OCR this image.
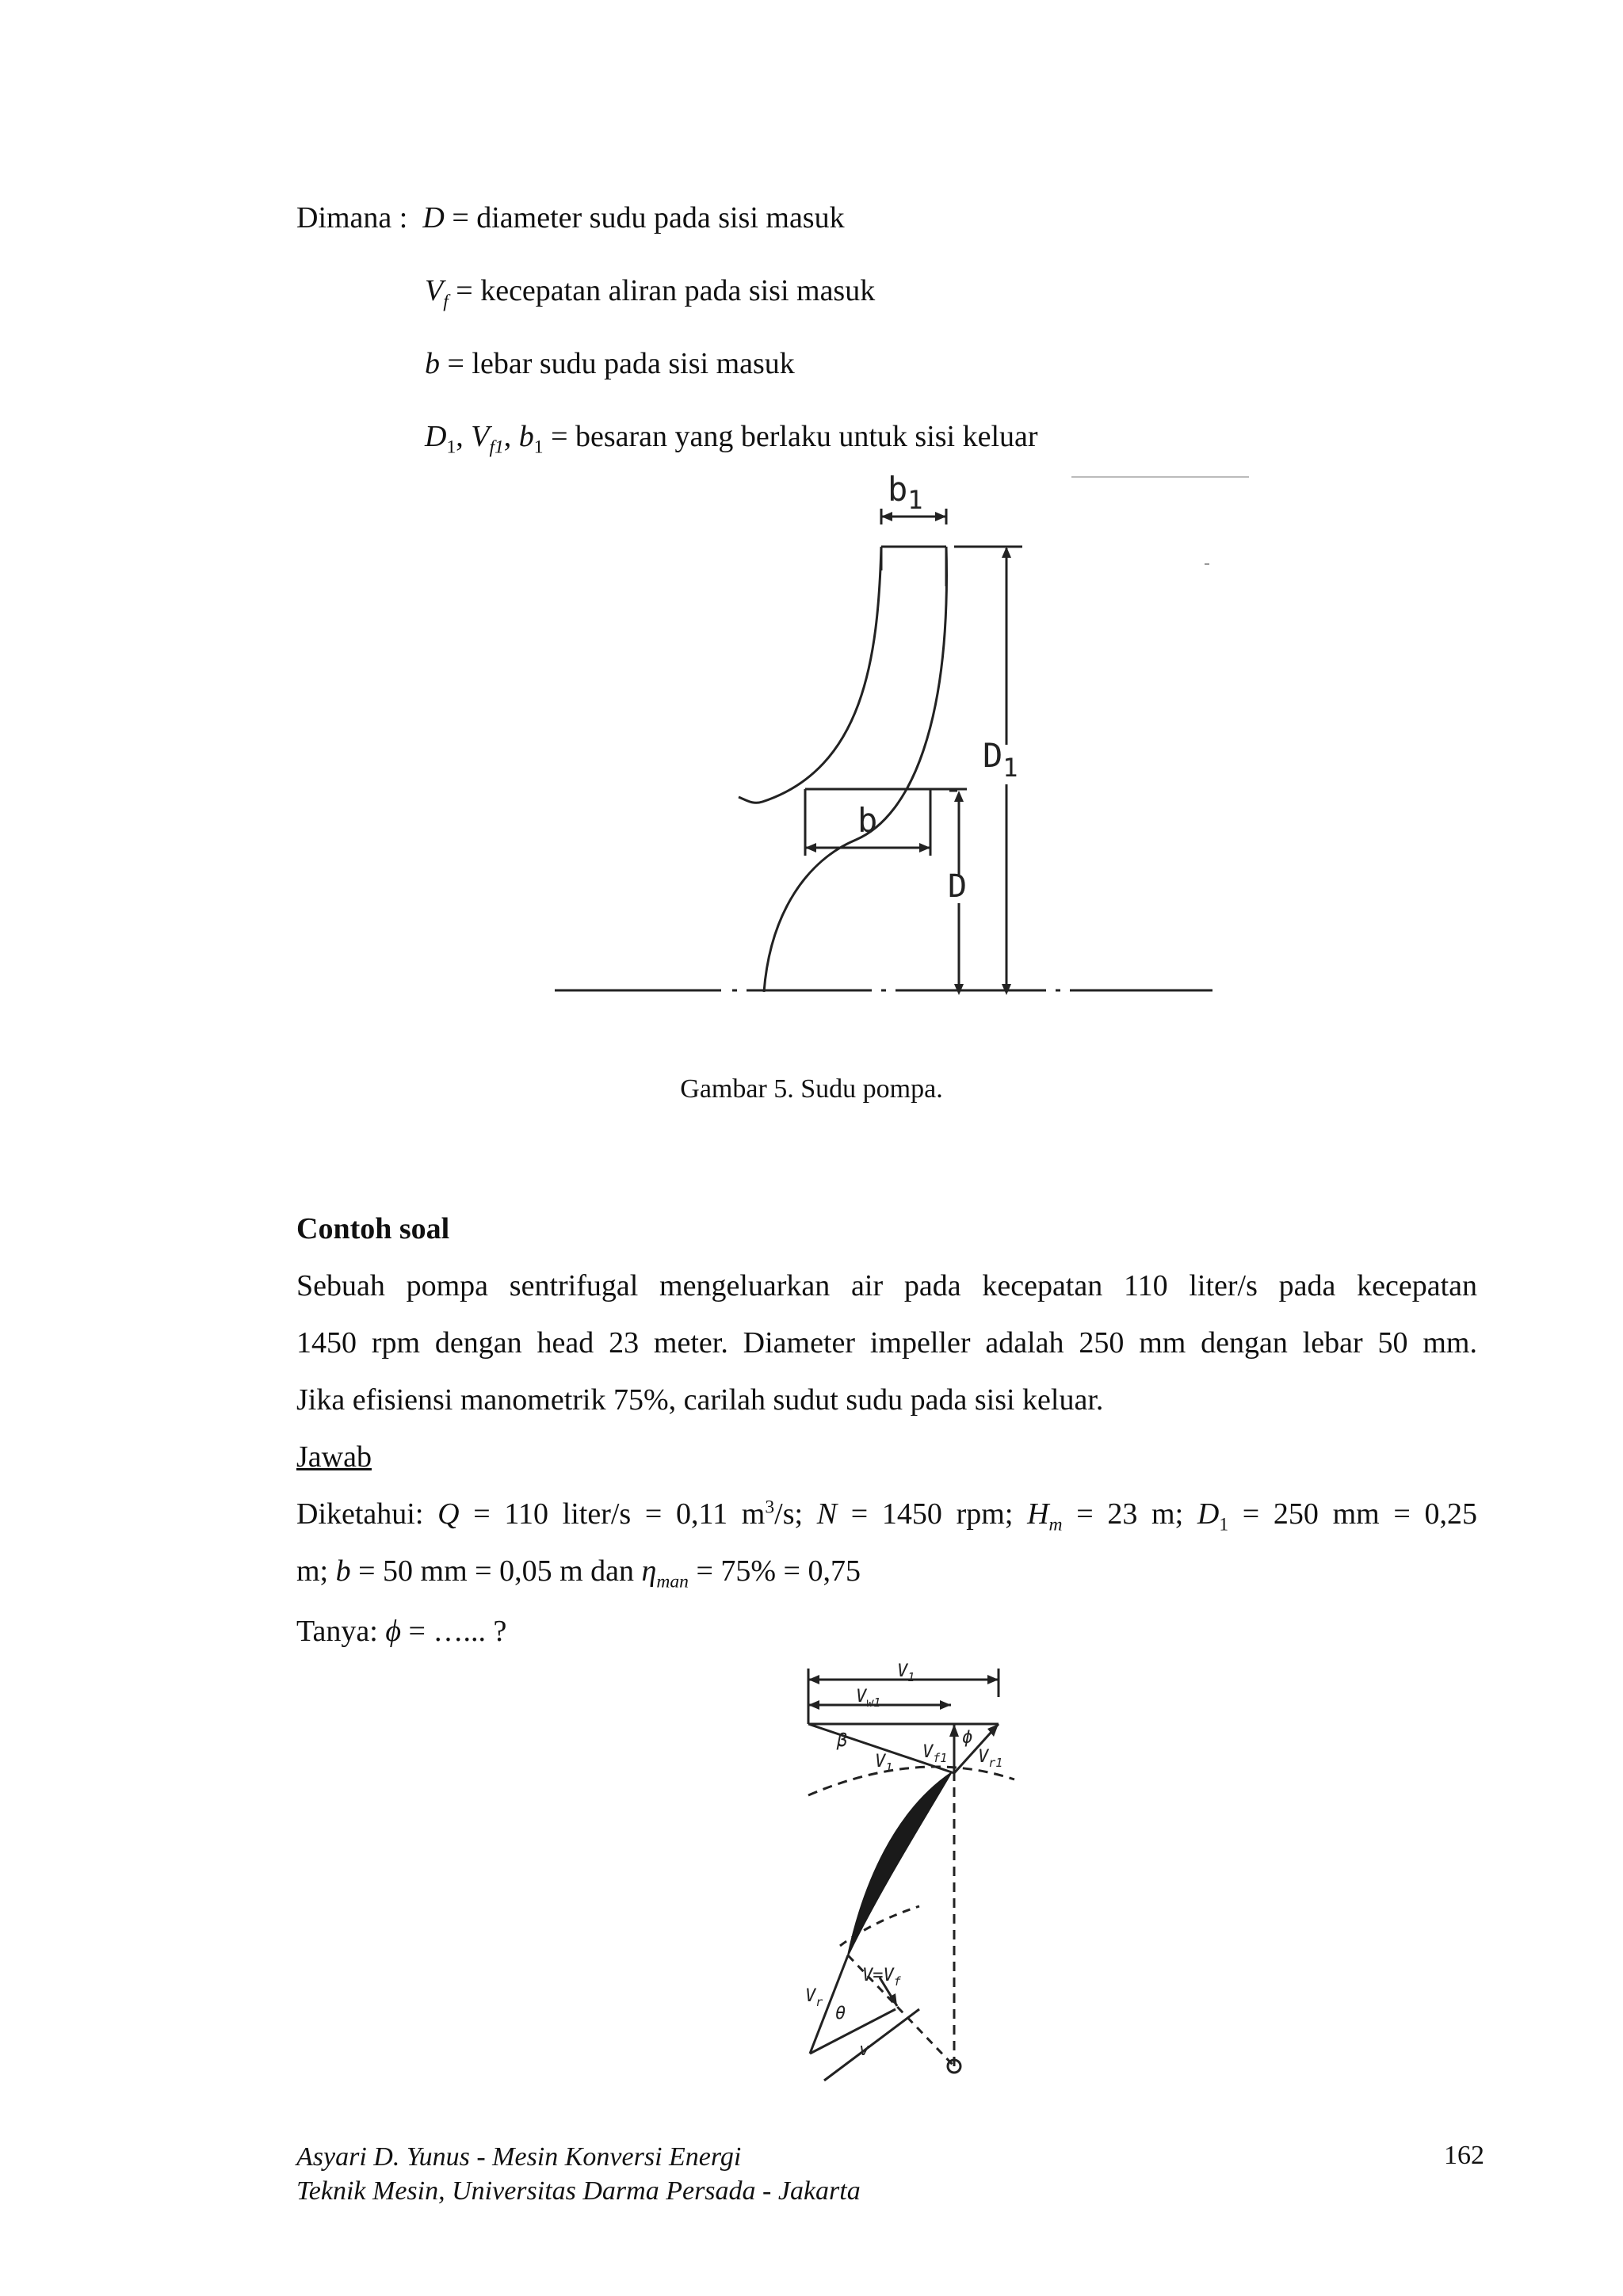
Dimana : D = diameter sudu pada sisi masuk
$V_f$ = kecepatan aliran pada sisi masuk
b = lebar sudu pada sisi masuk
$D_1$, $V_{f1}$, $b_1$ = besaran yang berlaku untuk sisi keluar
$b_1$
$D_1$
b
D
Gambar 5. Sudu pompa.
Contoh soal
Sebuah pompa sentrifugal mengeluarkan air pada kecepatan 110 liter/s pada kecepatan
1450 rpm dengan head 23 meter. Diameter impeller adalah 250 mm dengan lebar 50 mm.
Jika efisiensi manometrik 75%, carilah sudut sudu pada sisi keluar.
Jawab
Diketahui: Q = 110 liter/s = 0,11 $m^3/s$; N = 1450 rpm; $H_m = 23$ m; $D_1 = 250$ mm = 0,25
m; b = 50 mm = 0,05 m dan $\eta_{man} = 75\% = 0,75$
Tanya: ϕ = …... ?
$V_1$
$V_{w1}$
β	ϕ
$V_{f1}$ $V_{r1}$
$V_1$
$V=V_f$
$V_r$
θ
v
Asyari D. Yunus - Mesin Konversi Energi
Teknik Mesin, Universitas Darma Persada - Jakarta
162
